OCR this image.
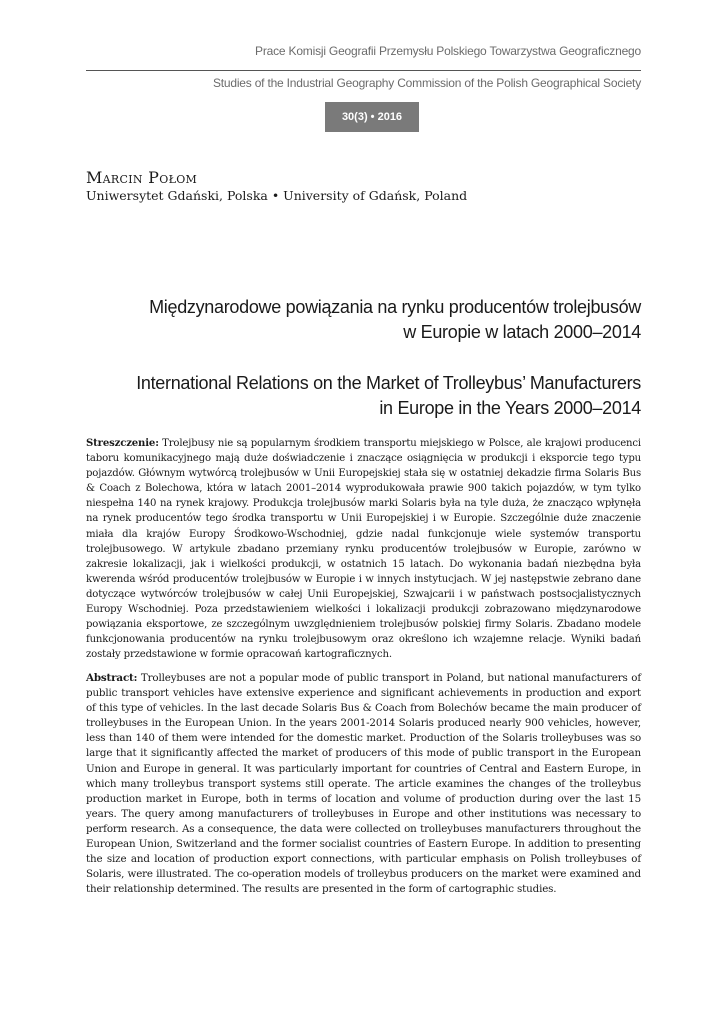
Prace Komisji Geografii Przemysłu Polskiego Towarzystwa Geograficznego
Studies of the Industrial Geography Commission of the Polish Geographical Society
30(3) • 2016
Marcin Połom
Uniwersytet Gdański, Polska • University of Gdańsk, Poland
Międzynarodowe powiązania na rynku producentów trolejbusów
w Europie w latach 2000–2014
International Relations on the Market of Trolleybus’ Manufacturers
in Europe in the Years 2000–2014
Streszczenie: Trolejbusy nie są popularnym środkiem transportu miejskiego w Polsce, ale krajowi producenci taboru komunikacyjnego mają duże doświadczenie i znaczące osiągnięcia w produkcji i eksporcie tego typu pojazdów. Głównym wytwórcą trolejbusów w Unii Europejskiej stała się w ostatniej dekadzie firma Solaris Bus & Coach z Bolechowa, która w latach 2001–2014 wyprodukowała prawie 900 takich pojazdów, w tym tylko niespełna 140 na rynek krajowy. Produkcja trolejbusów marki Solaris była na tyle duża, że znacząco wpłynęła na rynek producentów tego środka transportu w Unii Europejskiej i w Europie. Szczególnie duże znaczenie miała dla krajów Europy Środkowo-Wschodniej, gdzie nadal funkcjonuje wiele systemów transportu trolejbusowego. W artykule zbadano przemiany rynku producentów trolejbusów w Europie, zarówno w zakresie lokalizacji, jak i wielkości produkcji, w ostatnich 15 latach. Do wykonania badań niezbędna była kwerenda wśród producentów trolejbusów w Europie i w innych instytucjach. W jej następstwie zebrano dane dotyczące wytwórców trolejbusów w całej Unii Europejskiej, Szwajcarii i w państwach postsocjalistycznych Europy Wschodniej. Poza przedstawieniem wielkości i lokalizacji produkcji zobrazowano międzynarodowe powiązania eksportowe, ze szczególnym uwzględnieniem trolejbusów polskiej firmy Solaris. Zbadano modele funkcjonowania producentów na rynku trolejbusowym oraz określono ich wzajemne relacje. Wyniki badań zostały przedstawione w formie opracowań kartograficznych.
Abstract: Trolleybuses are not a popular mode of public transport in Poland, but national manufacturers of public transport vehicles have extensive experience and significant achievements in production and export of this type of vehicles. In the last decade Solaris Bus & Coach from Bolechów became the main producer of trolleybuses in the European Union. In the years 2001-2014 Solaris produced nearly 900 vehicles, however, less than 140 of them were intended for the domestic market. Production of the Solaris trolleybuses was so large that it significantly affected the market of producers of this mode of public transport in the European Union and Europe in general. It was particularly important for countries of Central and Eastern Europe, in which many trolleybus transport systems still operate. The article examines the changes of the trolleybus production market in Europe, both in terms of location and volume of production during over the last 15 years. The query among manufacturers of trolleybuses in Europe and other institutions was necessary to perform research. As a consequence, the data were collected on trolleybuses manufacturers throughout the European Union, Switzerland and the former socialist countries of Eastern Europe. In addition to presenting the size and location of production export connections, with particular emphasis on Polish trolleybuses of Solaris, were illustrated. The co-operation models of trolleybus producers on the market were examined and their relationship determined. The results are presented in the form of cartographic studies.
